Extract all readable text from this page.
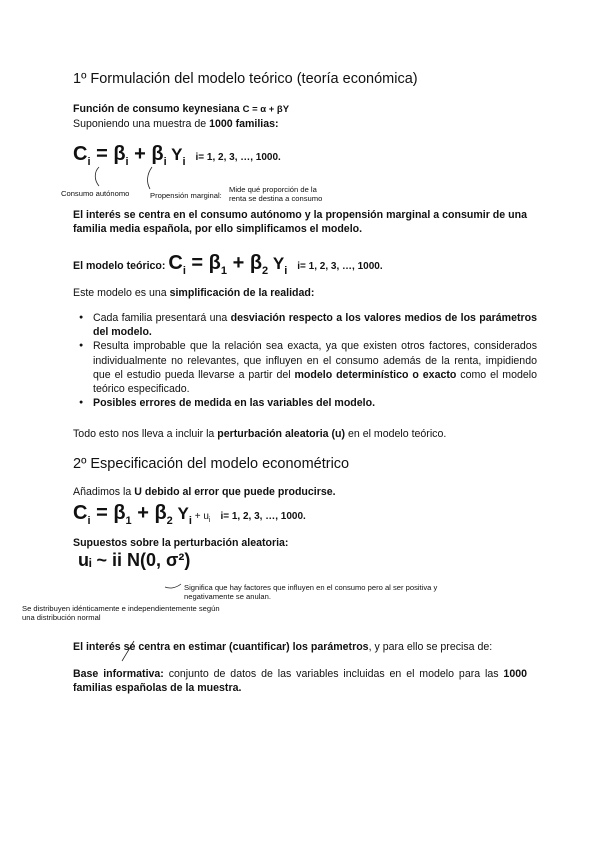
1º Formulación del modelo teórico (teoría económica)
Función de consumo keynesiana C = α + βY
Suponiendo una muestra de 1000 familias:
$C_i = \beta_i + \beta_i$ $Y_i$ i= 1, 2, 3, …, 1000.
Consumo autónomo	Propensión marginal:
Mide qué proporción de la renta se destina a consumo
El interés se centra en el consumo autónomo y la propensión marginal a consumir de una familia media española, por ello simplificamos el modelo.
El modelo teórico: $C_i = \beta_1 + \beta_2$ $Y_i$ i= 1, 2, 3, …, 1000.
Este modelo es una simplificación de la realidad:
● Cada familia presentará una desviación respecto a los valores medios de los parámetros del modelo.
● Resulta improbable que la relación sea exacta, ya que existen otros factores, considerados individualmente no relevantes, que influyen en el consumo además de la renta, impidiendo que el estudio pueda llevarse a partir del modelo determinístico o exacto como el modelo teórico especificado.
● Posibles errores de medida en las variables del modelo.
Todo esto nos lleva a incluir la perturbación aleatoria (u) en el modelo teórico.
2º Especificación del modelo econométrico
Añadimos la U debido al error que puede producirse.
$C_i = \beta_1 + \beta_2$ $Y_i + u_i$ i= 1, 2, 3, …, 1000.
Supuestos sobre la perturbación aleatoria:
uᵢ ~ ii N(0, σ²)
Significa que hay factores que influyen en el consumo pero al ser positiva y negativamente se anulan.
Se distribuyen idénticamente e independientemente según una distribución normal
El interés se centra en estimar (cuantificar) los parámetros, y para ello se precisa de:
Base informativa: conjunto de datos de las variables incluidas en el modelo para las 1000 familias españolas de la muestra.
